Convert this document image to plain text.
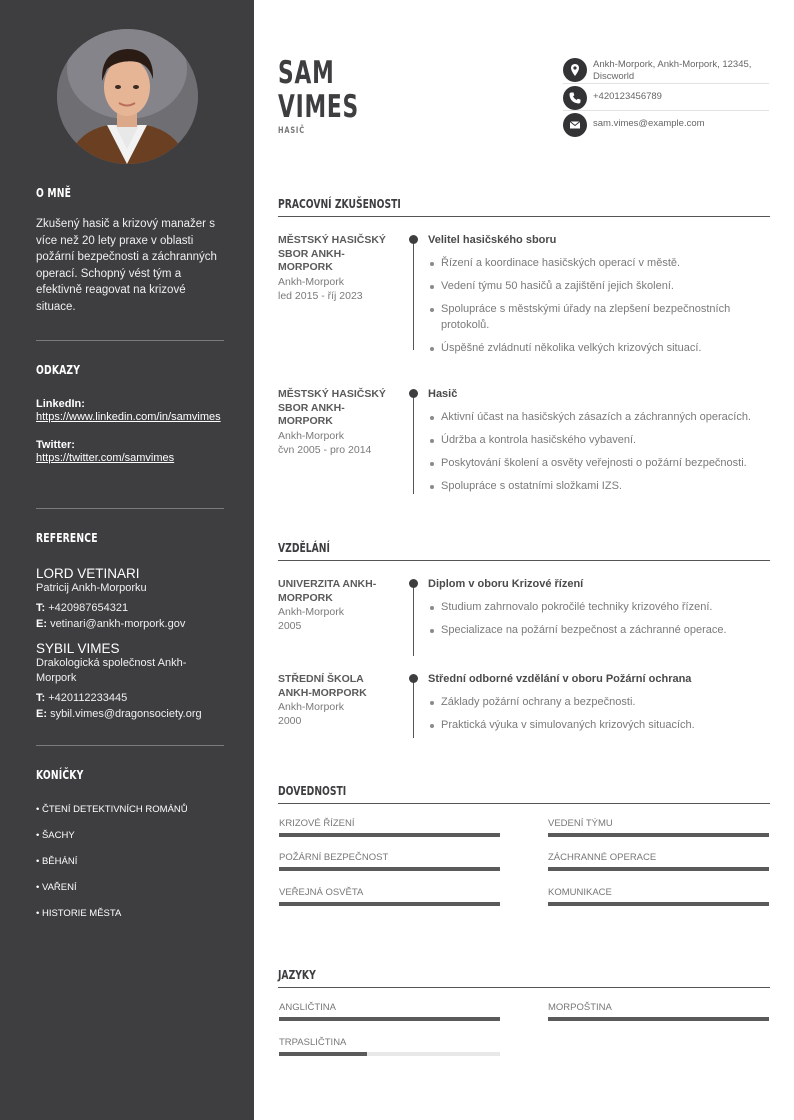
O MNĚ
Zkušený hasič a krizový manažer s více než 20 lety praxe v oblasti požární bezpečnosti a záchranných operací. Schopný vést tým a efektivně reagovat na krizové situace.
ODKAZY
LinkedIn:
https://www.linkedin.com/in/samvimes
Twitter:
https://twitter.com/samvimes
REFERENCE
LORD VETINARI
Patricij Ankh-Morporku
T: +420987654321
E: vetinari@ankh-morpork.gov
SYBIL VIMES
Drakologická společnost Ankh-Morpork
T: +420112233445
E: sybil.vimes@dragonsociety.org
KONÍČKY
• ČTENÍ DETEKTIVNÍCH ROMÁNŮ
• ŠACHY
• BĚHÁNÍ
• VAŘENÍ
• HISTORIE MĚSTA
SAM
VIMES
HASIČ
Ankh-Morpork, Ankh-Morpork, 12345, Discworld
+420123456789
sam.vimes@example.com
PRACOVNÍ ZKUŠENOSTI
MĚSTSKÝ HASIČSKÝ SBOR ANKH-MORPORK
Ankh-Morpork
led 2015 - říj 2023
Velitel hasičského sboru
Řízení a koordinace hasičských operací v městě.
Vedení týmu 50 hasičů a zajištění jejich školení.
Spolupráce s městskými úřady na zlepšení bezpečnostních protokolů.
Úspěšné zvládnutí několika velkých krizových situací.
MĚSTSKÝ HASIČSKÝ SBOR ANKH-MORPORK
Ankh-Morpork
čvn 2005 - pro 2014
Hasič
Aktivní účast na hasičských zásazích a záchranných operacích.
Údržba a kontrola hasičského vybavení.
Poskytování školení a osvěty veřejnosti o požární bezpečnosti.
Spolupráce s ostatními složkami IZS.
VZDĚLÁNÍ
UNIVERZITA ANKH-MORPORK
Ankh-Morpork
2005
Diplom v oboru Krizové řízení
Studium zahrnovalo pokročilé techniky krizového řízení.
Specializace na požární bezpečnost a záchranné operace.
STŘEDNÍ ŠKOLA ANKH-MORPORK
Ankh-Morpork
2000
Střední odborné vzdělání v oboru Požární ochrana
Základy požární ochrany a bezpečnosti.
Praktická výuka v simulovaných krizových situacích.
DOVEDNOSTI
KRIZOVÉ ŘÍZENÍ	VEDENÍ TÝMU
POŽÁRNÍ BEZPEČNOST	ZÁCHRANNÉ OPERACE
VEŘEJNÁ OSVĚTA	KOMUNIKACE
JAZYKY
ANGLIČTINA	MORPOŠTINA
TRPASLIČTINA
